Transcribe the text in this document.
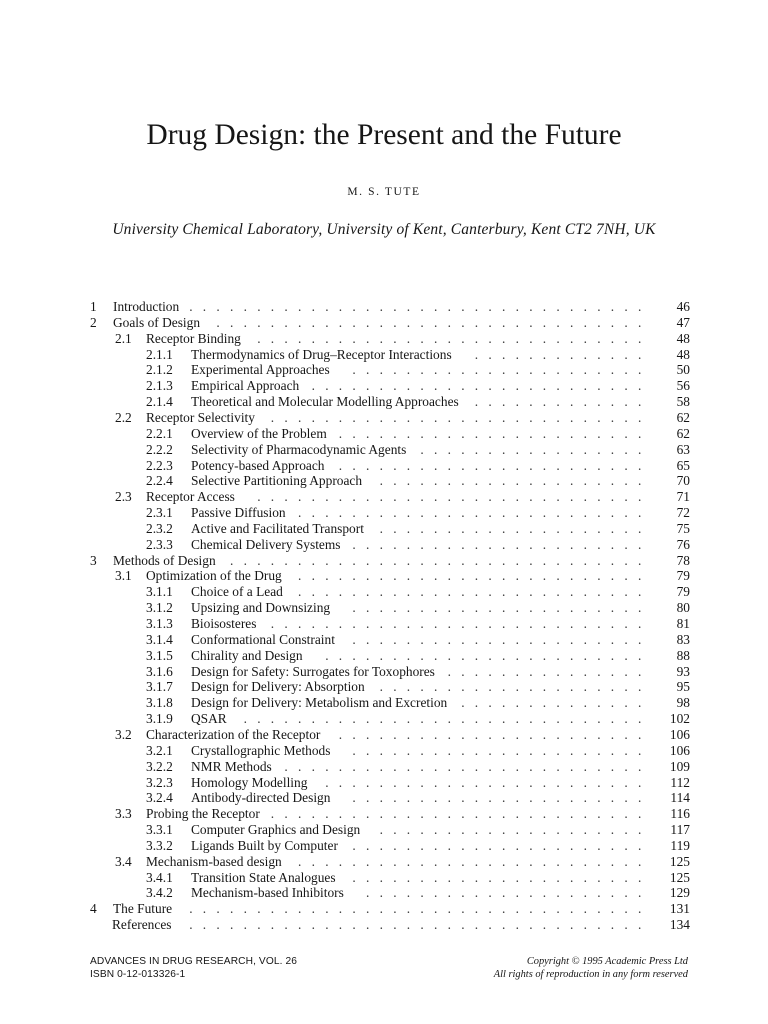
Drug Design: the Present and the Future
M. S. TUTE
University Chemical Laboratory, University of Kent, Canterbury, Kent CT2 7NH, UK
1 Introduction	46
. . . . . . . . . . . . . . . . . . . . . . . . . . . . . . . . . .
2 Goals of Design	47
. . . . . . . . . . . . . . . . . . . . . . . . . . . . . . . .
2.1 Receptor Binding	48
. . . . . . . . . . . . . . . . . . . . . . . . . . . . .
2.1.1 Thermodynamics of Drug–Receptor Interactions	48
. . . . . . . . . . . . .
2.1.2 Experimental Approaches	50
. . . . . . . . . . . . . . . . . . . . . .
2.1.3 Empirical Approach	56
. . . . . . . . . . . . . . . . . . . . . . . . .
2.1.4 Theoretical and Molecular Modelling Approaches	58
. . . . . . . . . . . . .
2.2 Receptor Selectivity	62
. . . . . . . . . . . . . . . . . . . . . . . . . . . .
2.2.1 Overview of the Problem	62
. . . . . . . . . . . . . . . . . . . . . . .
2.2.2 Selectivity of Pharmacodynamic Agents	63
. . . . . . . . . . . . . . . . .
2.2.3 Potency-based Approach	65
. . . . . . . . . . . . . . . . . . . . . . .
2.2.4 Selective Partitioning Approach	70
. . . . . . . . . . . . . . . . . . . .
2.3 Receptor Access	71
. . . . . . . . . . . . . . . . . . . . . . . . . . . . .
2.3.1 Passive Diffusion	72
. . . . . . . . . . . . . . . . . . . . . . . . . .
2.3.2 Active and Facilitated Transport	75
. . . . . . . . . . . . . . . . . . . .
2.3.3 Chemical Delivery Systems	76
. . . . . . . . . . . . . . . . . . . . . .
3 Methods of Design	78
. . . . . . . . . . . . . . . . . . . . . . . . . . . . . . .
3.1 Optimization of the Drug	79
. . . . . . . . . . . . . . . . . . . . . . . . . .
3.1.1 Choice of a Lead	79
. . . . . . . . . . . . . . . . . . . . . . . . . .
3.1.2 Upsizing and Downsizing	80
. . . . . . . . . . . . . . . . . . . . . .
3.1.3 Bioisosteres	81
. . . . . . . . . . . . . . . . . . . . . . . . . . . .
3.1.4 Conformational Constraint	83
. . . . . . . . . . . . . . . . . . . . . .
3.1.5 Chirality and Design	88
. . . . . . . . . . . . . . . . . . . . . . . .
3.1.6 Design for Safety: Surrogates for Toxophores	93
. . . . . . . . . . . . . . .
3.1.7 Design for Delivery: Absorption	95
. . . . . . . . . . . . . . . . . . . .
3.1.8 Design for Delivery: Metabolism and Excretion	98
. . . . . . . . . . . . . .
3.1.9 QSAR	102
. . . . . . . . . . . . . . . . . . . . . . . . . . . . . .
3.2 Characterization of the Receptor	106
. . . . . . . . . . . . . . . . . . . . . . .
3.2.1 Crystallographic Methods	106
. . . . . . . . . . . . . . . . . . . . . .
3.2.2 NMR Methods	109
. . . . . . . . . . . . . . . . . . . . . . . . . . .
3.2.3 Homology Modelling	112
. . . . . . . . . . . . . . . . . . . . . . . .
3.2.4 Antibody-directed Design	114
. . . . . . . . . . . . . . . . . . . . . .
3.3 Probing the Receptor	116
. . . . . . . . . . . . . . . . . . . . . . . . . . . .
3.3.1 Computer Graphics and Design	117
. . . . . . . . . . . . . . . . . . . .
3.3.2 Ligands Built by Computer	119
. . . . . . . . . . . . . . . . . . . . . .
3.4 Mechanism-based design	125
. . . . . . . . . . . . . . . . . . . . . . . . . .
3.4.1 Transition State Analogues	125
. . . . . . . . . . . . . . . . . . . . . .
3.4.2 Mechanism-based Inhibitors	129
. . . . . . . . . . . . . . . . . . . . .
4 The Future	131
. . . . . . . . . . . . . . . . . . . . . . . . . . . . . . . . . .
References	134
. . . . . . . . . . . . . . . . . . . . . . . . . . . . . . . . . .
ADVANCES IN DRUG RESEARCH, VOL. 26
ISBN 0-12-013326-1
Copyright © 1995 Academic Press Ltd
All rights of reproduction in any form reserved
